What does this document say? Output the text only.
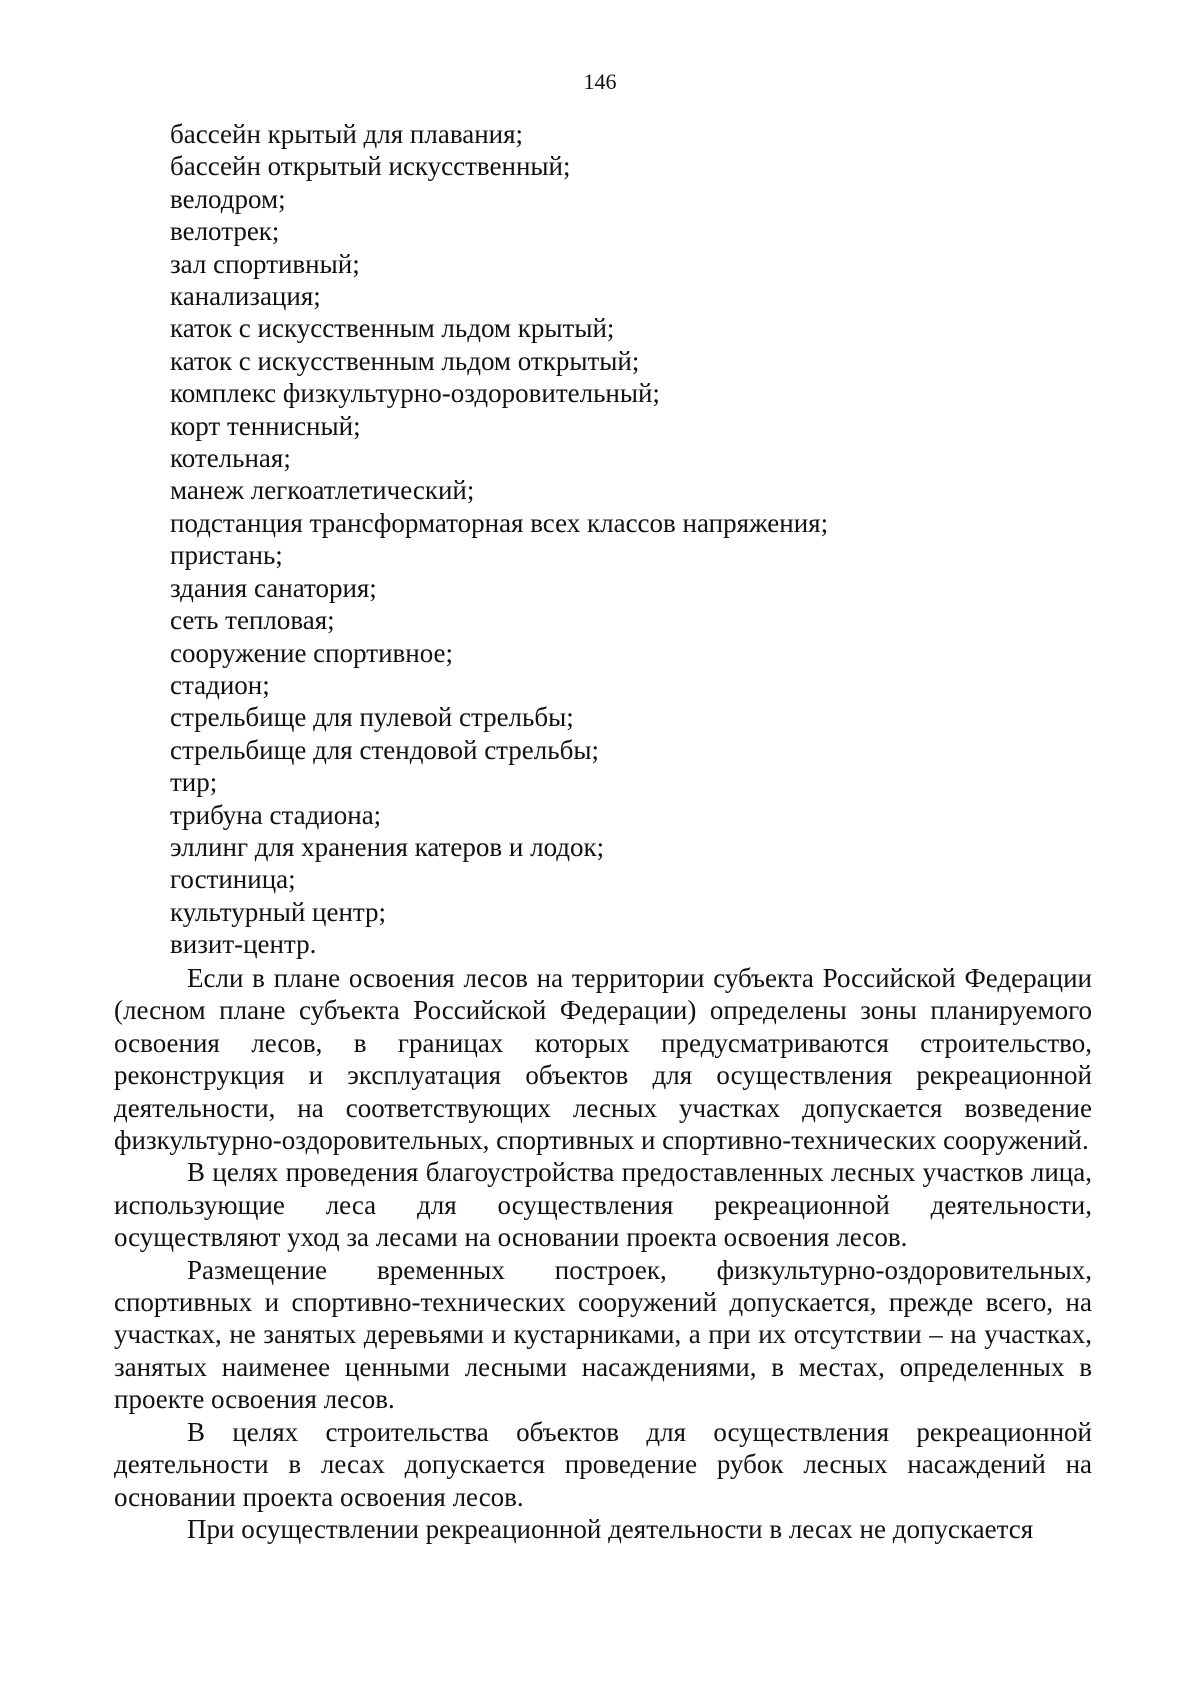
146
бассейн крытый для плавания;
бассейн открытый искусственный;
велодром;
велотрек;
зал спортивный;
канализация;
каток с искусственным льдом крытый;
каток с искусственным льдом открытый;
комплекс физкультурно-оздоровительный;
корт теннисный;
котельная;
манеж легкоатлетический;
подстанция трансформаторная всех классов напряжения;
пристань;
здания санатория;
сеть тепловая;
сооружение спортивное;
стадион;
стрельбище для пулевой стрельбы;
стрельбище для стендовой стрельбы;
тир;
трибуна стадиона;
эллинг для хранения катеров и лодок;
гостиница;
культурный центр;
визит-центр.

Если в плане освоения лесов на территории субъекта Российской Федерации (лесном плане субъекта Российской Федерации) определены зоны планируемого освоения лесов, в границах которых предусматриваются строительство, реконструкция и эксплуатация объектов для осуществления рекреационной деятельности, на соответствующих лесных участках допускается возведение физкультурно-оздоровительных, спортивных и спортивно-технических сооружений.

В целях проведения благоустройства предоставленных лесных участков лица, использующие леса для осуществления рекреационной деятельности, осуществляют уход за лесами на основании проекта освоения лесов.

Размещение временных построек, физкультурно-оздоровительных, спортивных и спортивно-технических сооружений допускается, прежде всего, на участках, не занятых деревьями и кустарниками, а при их отсутствии – на участках, занятых наименее ценными лесными насаждениями, в местах, определенных в проекте освоения лесов.

В целях строительства объектов для осуществления рекреационной деятельности в лесах допускается проведение рубок лесных насаждений на основании проекта освоения лесов.

При осуществлении рекреационной деятельности в лесах не допускается
